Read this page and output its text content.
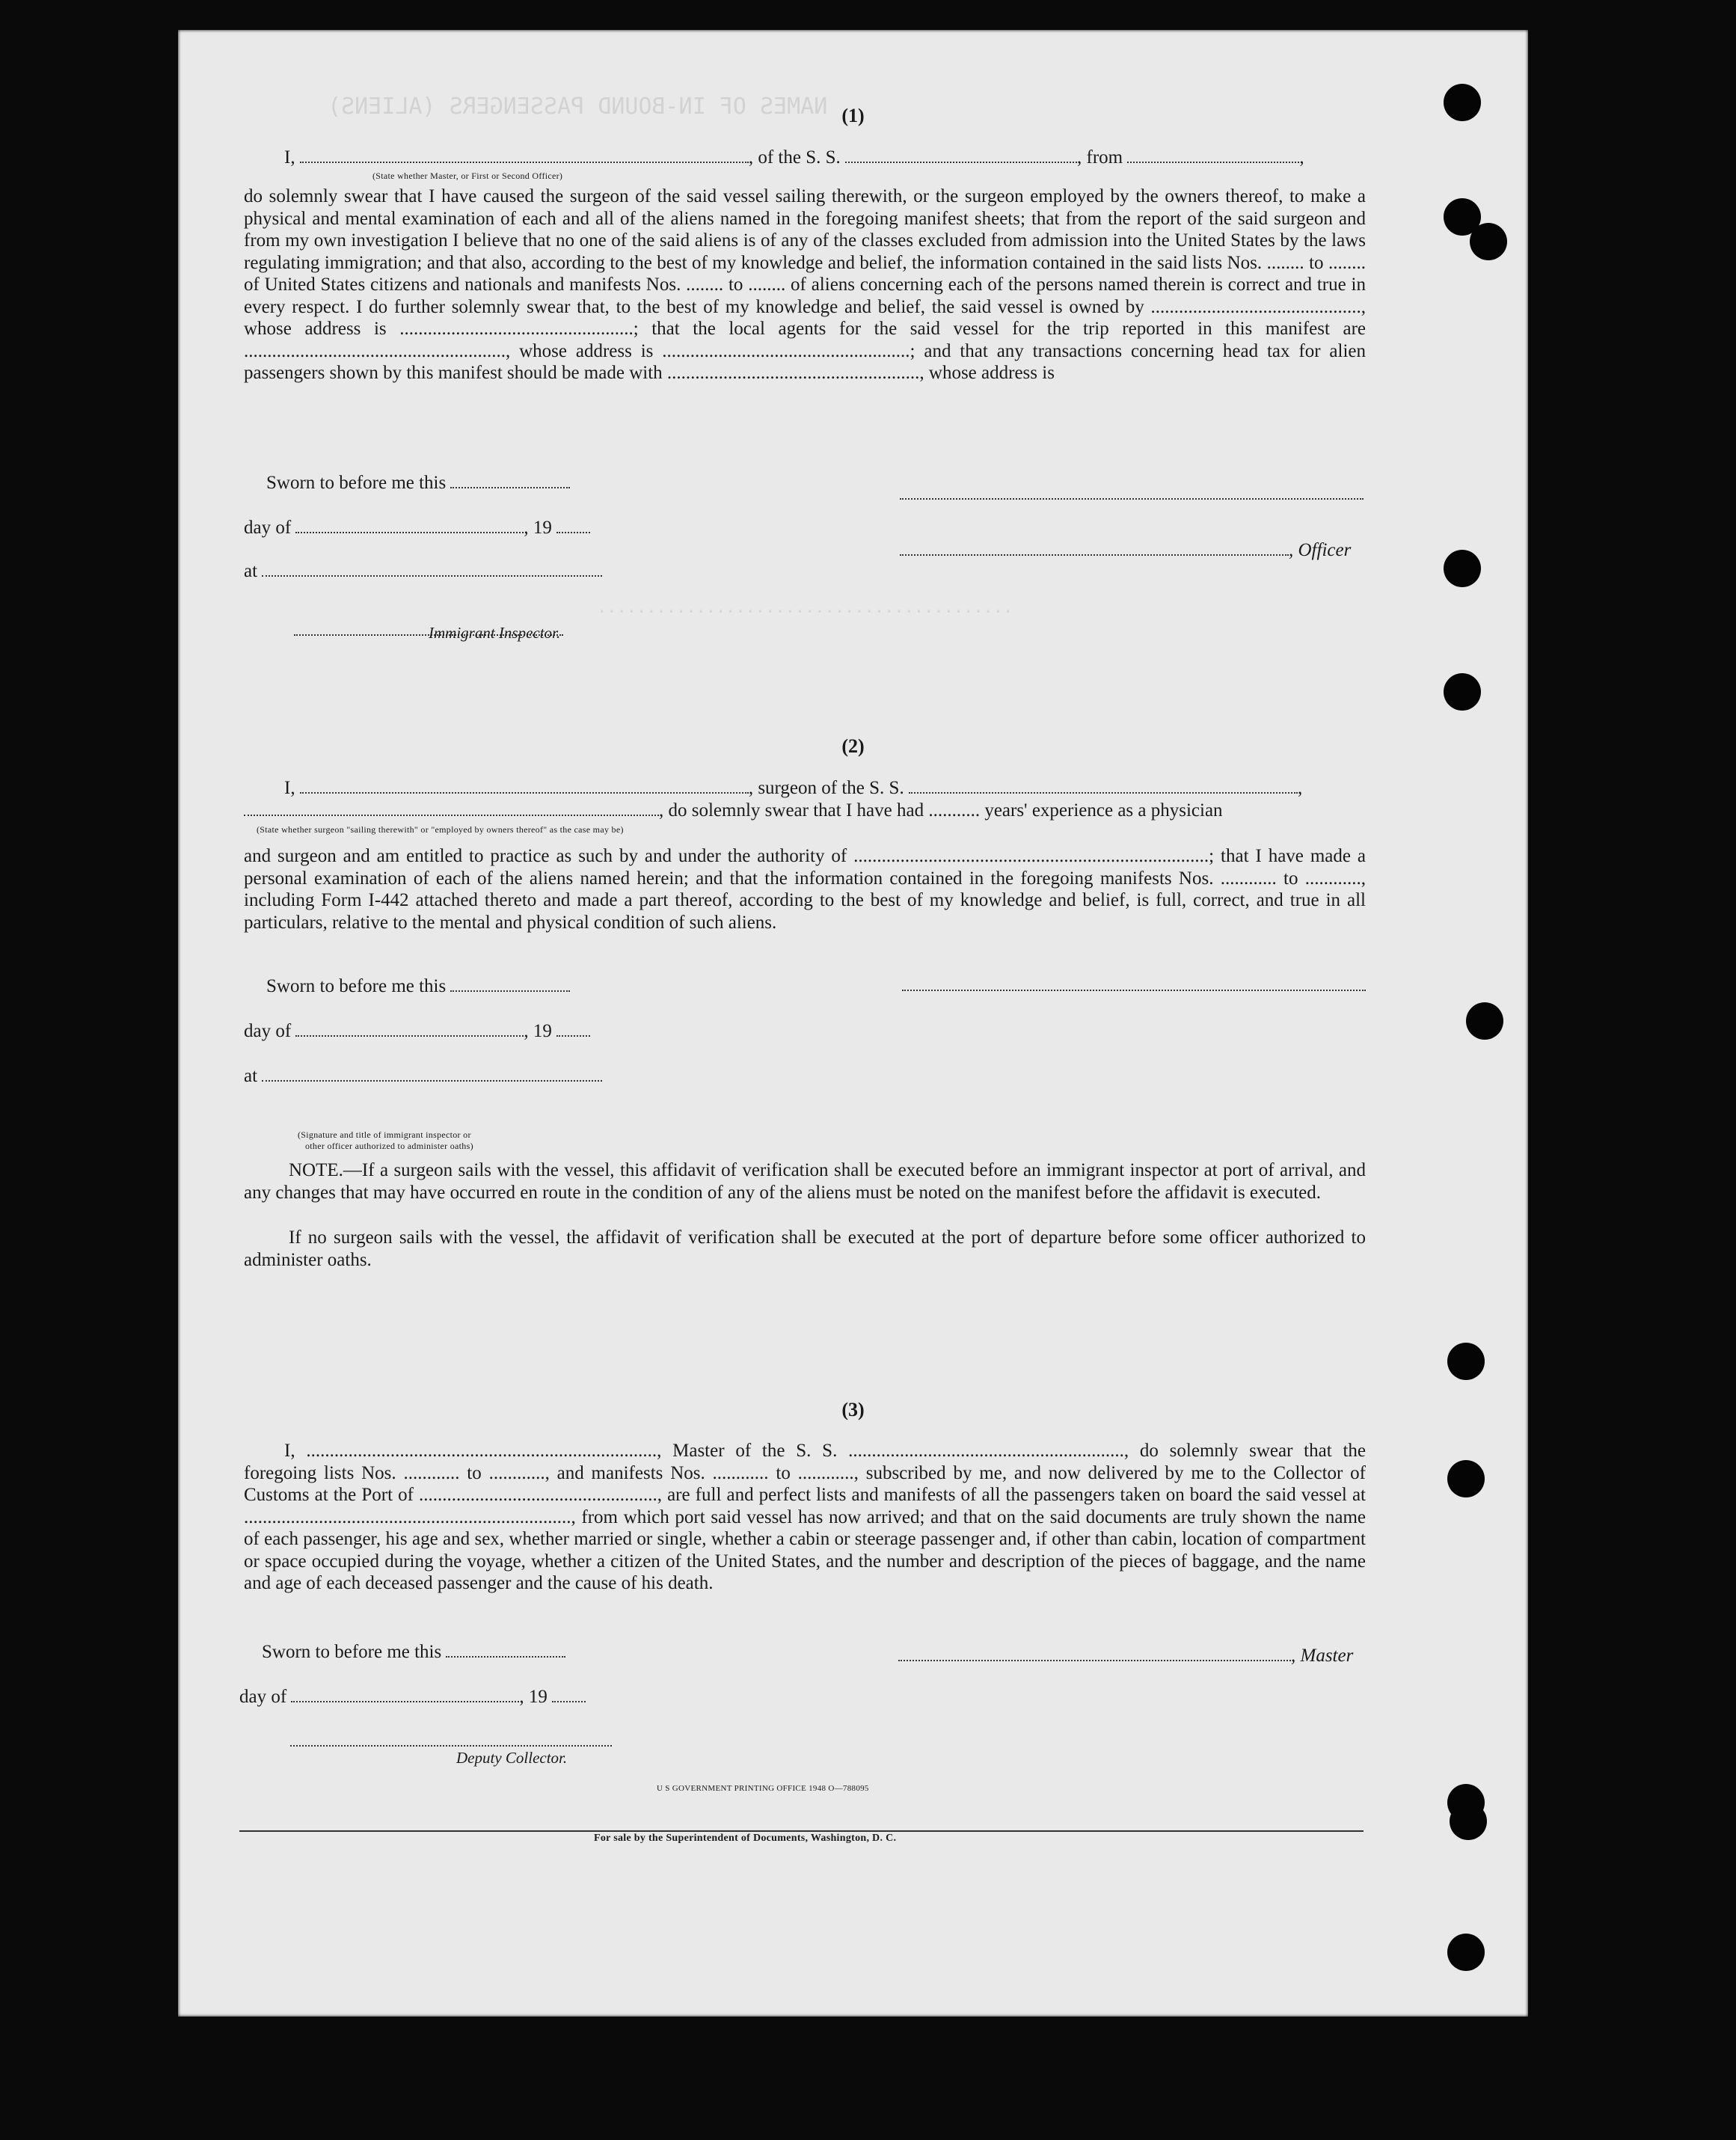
(1)
I,	, of the S. S.	, from	,
(State whether Master, or First or Second Officer)
do solemnly swear that I have caused the surgeon of the said vessel sailing therewith, or the surgeon employed by the owners thereof, to make a physical and mental examination of each and all of the aliens named in the foregoing manifest sheets; that from the report of the said surgeon and from my own investigation I believe that no one of the said aliens is of any of the classes excluded from admission into the United States by the laws regulating immigration; and that also, according to the best of my knowledge and belief, the information contained in the said lists Nos. ........ to ........ of United States citizens and nationals and manifests Nos. ........ to ........ of aliens concerning each of the persons named therein is correct and true in every respect. I do further solemnly swear that, to the best of my knowledge and belief, the said vessel is owned by ............................................., whose address is ..................................................; that the local agents for the said vessel for the trip reported in this manifest are ........................................................, whose address is .....................................................; and that any transactions concerning head tax for alien passengers shown by this manifest should be made with ......................................................, whose address is
Sworn to before me this
day of	, 19
at
Immigrant Inspector.
, Officer
(2)
I,	, surgeon of the S. S.	,
, do solemnly swear that I have had ........... years' experience as a physician
(State whether surgeon "sailing therewith" or "employed by owners thereof" as the case may be)
and surgeon and am entitled to practice as such by and under the authority of ............................................................................; that I have made a personal examination of each of the aliens named herein; and that the information contained in the foregoing manifests Nos. ............ to ............, including Form I-442 attached thereto and made a part thereof, according to the best of my knowledge and belief, is full, correct, and true in all particulars, relative to the mental and physical condition of such aliens.
Sworn to before me this
day of	, 19
at
(Signature and title of immigrant inspector or
other officer authorized to administer oaths)
NOTE.—If a surgeon sails with the vessel, this affidavit of verification shall be executed before an immigrant inspector at port of arrival, and any changes that may have occurred en route in the condition of any of the aliens must be noted on the manifest before the affidavit is executed.
If no surgeon sails with the vessel, the affidavit of verification shall be executed at the port of departure before some officer authorized to administer oaths.
(3)
I, ..........................................................................., Master of the S. S. ..........................................................., do solemnly swear that the foregoing lists Nos. ............ to ............, and manifests Nos. ............ to ............, subscribed by me, and now delivered by me to the Collector of Customs at the Port of ..................................................., are full and perfect lists and manifests of all the passengers taken on board the said vessel at ......................................................................, from which port said vessel has now arrived; and that on the said documents are truly shown the name of each passenger, his age and sex, whether married or single, whether a cabin or steerage passenger and, if other than cabin, location of compartment or space occupied during the voyage, whether a citizen of the United States, and the number and description of the pieces of baggage, and the name and age of each deceased passenger and the cause of his death.
Sworn to before me this	, Master
day of	, 19
Deputy Collector.
U S GOVERNMENT PRINTING OFFICE 1948 O—788095
For sale by the Superintendent of Documents, Washington, D. C.
NAMES OF IN-BOUND PASSENGERS (ALIENS)
..........................................
